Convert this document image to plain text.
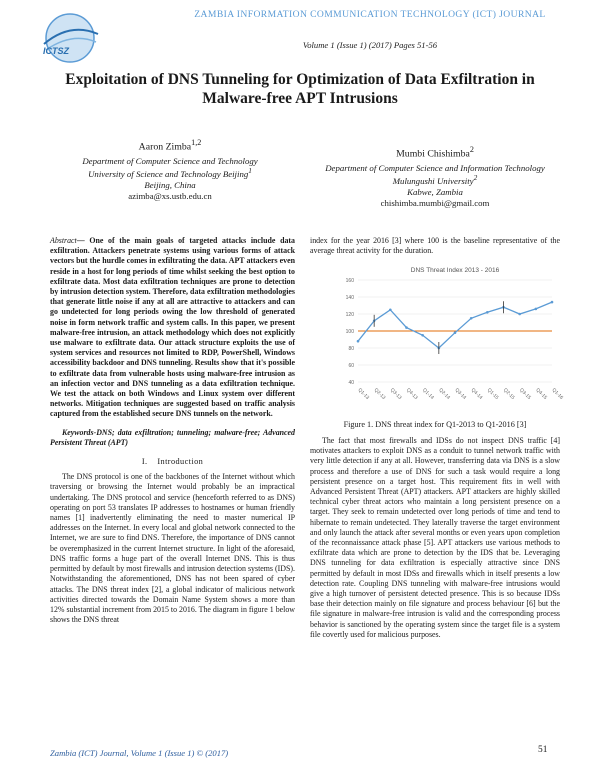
ZAMBIA INFORMATION COMMUNICATION TECHNOLOGY (ICT) JOURNAL
ICTSZ
Volume 1 (Issue 1) (2017) Pages 51-56
Exploitation of DNS Tunneling for Optimization of Data Exfiltration in
Malware-free APT Intrusions
Aaron Zimba$^{1,2}$
Department of Computer Science and Technology
University of Science and Technology Beijing$^1$
Beijing, China
azimba@xs.ustb.edu.cn
Mumbi Chishimba$^2$
Department of Computer Science and Information Technology
Mulungushi University$^2$
Kabwe, Zambia
chishimba.mumbi@gmail.com

Abstract— One of the main goals of targeted attacks include data exfiltration. Attackers penetrate systems using various forms of attack vectors but the hurdle comes in exfiltrating the data. APT attackers even reside in a host for long periods of time whilst seeking the best option to exfiltrate data. Most data exfiltration techniques are prone to detection by intrusion detection system. Therefore, data exfiltration methodologies that generate little noise if any at all are attractive to attackers and can go undetected for long periods owing the low threshold of generated noise in form network traffic and system calls. In this paper, we present malware-free intrusion, an attack methodology which does not explicitly use malware to exfiltrate data. Our attack structure exploits the use of system services and resources not limited to RDP, PowerShell, Windows accessibility backdoor and DNS tunneling. Results show that it's possible to exfiltrate data from vulnerable hosts using malware-free intrusion as an infection vector and DNS tunneling as a data exfiltration technique. We test the attack on both Windows and Linux system over different networks. Mitigation techniques are suggested based on traffic analysis captured from the established secure DNS tunnels on the network.

Keywords-DNS; data exfiltration; tunneling; malware-free; Advanced Persistent Threat (APT)

I. Introduction

The DNS protocol is one of the backbones of the Internet without which traversing or browsing the Internet would probably be an impractical undertaking. The DNS protocol and service (henceforth referred to as DNS) operating on port 53 translates IP addresses to hostnames or human friendly names [1] inadvertently eliminating the need to master numerical IP addresses on the Internet. In every local and global network connected to the Internet, we are sure to find DNS. Therefore, the importance of DNS cannot be overemphasized in the current Internet structure. In light of the aforesaid, DNS traffic forms a huge part of the overall Internet DNS. This is thus permitted by default by most firewalls and intrusion detection systems (IDS). Notwithstanding the aforementioned, DNS has not been spared of cyber attacks. The DNS threat index [2], a global indicator of malicious network activities directed towards the Domain Name System shows a more than 12% substantial increment from 2015 to 2016. The diagram in figure 1 below shows the DNS threat

index for the year 2016 [3] where 100 is the baseline representative of the average threat activity for the duration.

DNS Threat Index 2013 - 2016
40
60
80
100
120
140
160
Q1-13 Q2-13 Q3-13 Q4-13 Q1-14 Q2-14 Q3-14 Q4-14 Q1-15 Q2-15 Q3-15 Q4-15 Q1-16
Figure 1. DNS threat index for Q1-2013 to Q1-2016 [3]

The fact that most firewalls and IDSs do not inspect DNS traffic [4] motivates attackers to exploit DNS as a conduit to tunnel network traffic with very little detection if any at all. However, transferring data via DNS is a slow process and therefore a use of DNS for such a task would require a long persistent presence on a target host. This requirement fits in well with Advanced Persistent Threat (APT) attackers. APT attackers are highly skilled technical cyber threat actors who maintain a long persistent presence on a target. They seek to remain undetected over long periods of time and tend to hibernate to remain undetected. They laterally traverse the target environment and only launch the attack after several months or even years upon completion of the reconnaissance attack phase [5]. APT attackers use various methods to exfiltrate data which are prone to detection by the IDS that be. Leveraging DNS tunneling for data exfiltration is especially attractive since DNS permitted by default in most IDSs and firewalls which in itself presents a low detection rate. Coupling DNS tunneling with malware-free intrusions would give a high turnover of persistent detected presence. This is so because IDSs base their detection mainly on file signature and process behaviour [6] but the file signature in malware-free intrusion is valid and the corresponding process behavior is sanctioned by the operating system since the target file is a system file covertly used for malicious purposes.

Zambia (ICT) Journal, Volume 1 (Issue 1) © (2017)	51
